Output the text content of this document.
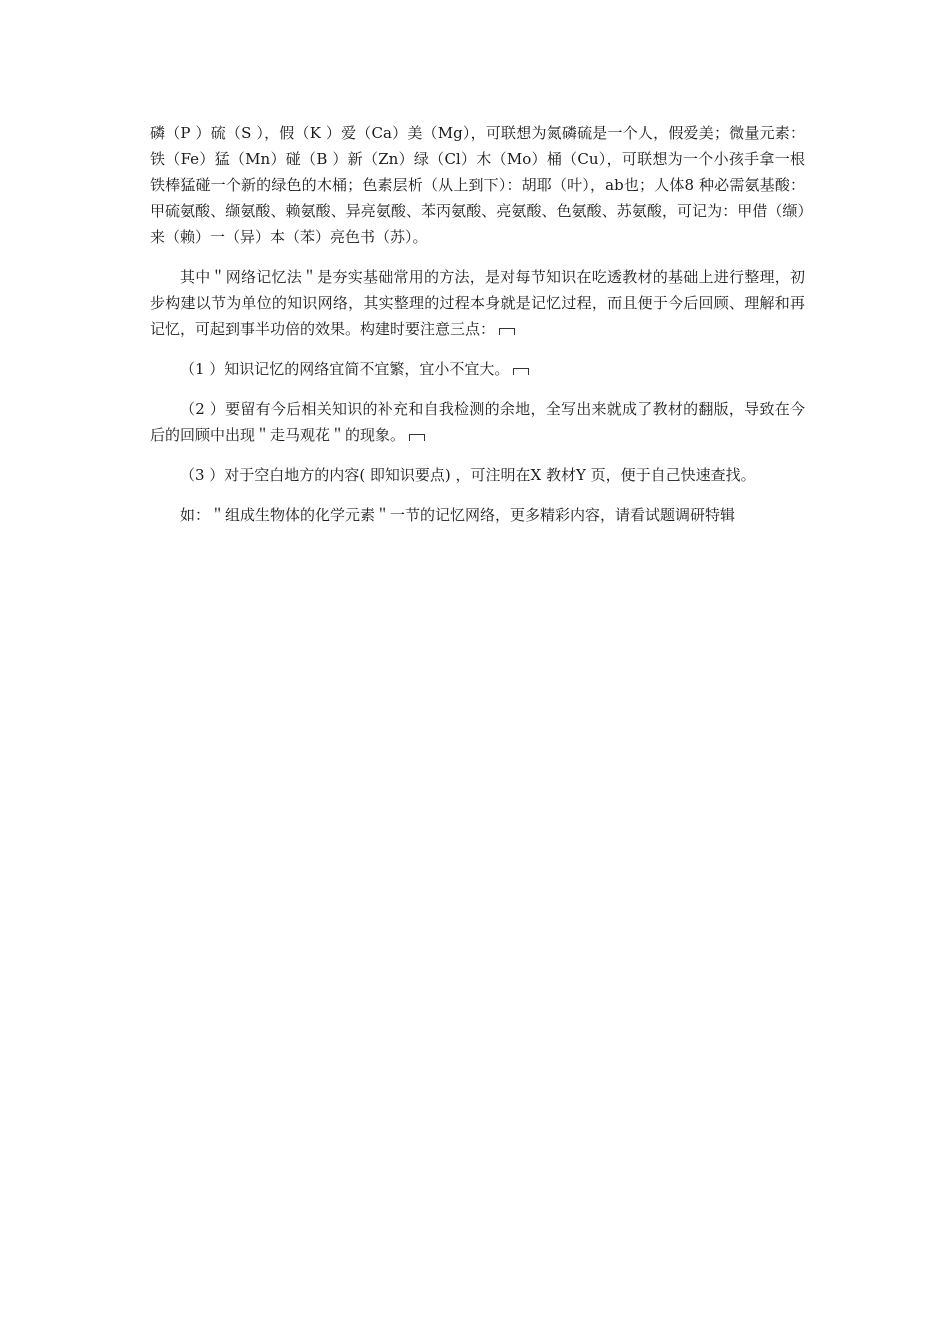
磷（P ）硫（S ），假（K ）爱（Ca）美（Mg），可联想为氮磷硫是一个人，假爱美；微量元素：铁（Fe）猛（Mn）碰（B ）新（Zn）绿（Cl）木（Mo）桶（Cu），可联想为一个小孩手拿一根铁棒猛碰一个新的绿色的木桶；色素层析（从上到下）：胡耶（叶），ab也；人体8 种必需氨基酸：甲硫氨酸、缬氨酸、赖氨酸、异亮氨酸、苯丙氨酸、亮氨酸、色氨酸、苏氨酸，可记为：甲借（缬）来（赖）一（异）本（苯）亮色书（苏）。

其中＂网络记忆法＂是夯实基础常用的方法，是对每节知识在吃透教材的基础上进行整理，初步构建以节为单位的知识网络，其实整理的过程本身就是记忆过程，而且便于今后回顾、理解和再记忆，可起到事半功倍的效果。构建时要注意三点：

（1 ）知识记忆的网络宜简不宜繁，宜小不宜大。

（2 ）要留有今后相关知识的补充和自我检测的余地，全写出来就成了教材的翻版，导致在今后的回顾中出现＂走马观花＂的现象。

（3 ）对于空白地方的内容( 即知识要点) ，可注明在X 教材Y 页，便于自己快速查找。

如：＂组成生物体的化学元素＂一节的记忆网络，更多精彩内容，请看试题调研特辑
